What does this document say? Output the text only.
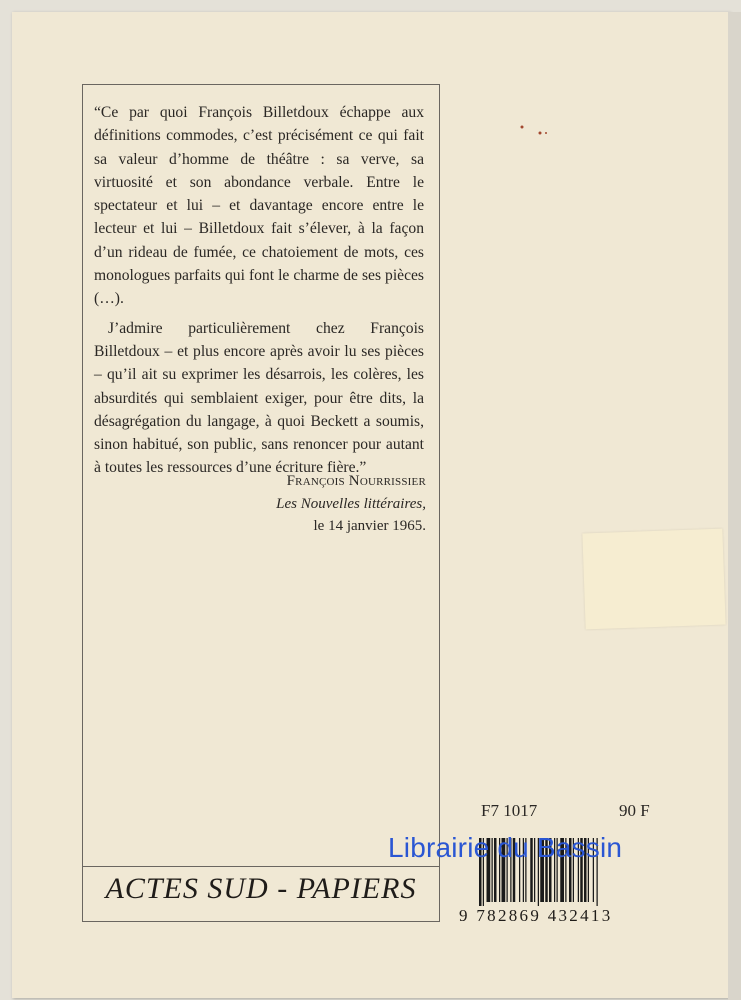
“Ce par quoi François Billetdoux échappe aux définitions commodes, c’est précisément ce qui fait sa valeur d’homme de théâtre : sa verve, sa virtuosité et son abondance verbale. Entre le spectateur et lui – et davantage encore entre le lecteur et lui – Billetdoux fait s’élever, à la façon d’un rideau de fumée, ce chatoiement de mots, ces monologues parfaits qui font le charme de ses pièces (…).

J’admire particulièrement chez François Billetdoux – et plus encore après avoir lu ses pièces – qu’il ait su exprimer les désarrois, les colères, les absurdités qui semblaient exiger, pour être dits, la désagrégation du langage, à quoi Beckett a soumis, sinon habitué, son public, sans renoncer pour autant à toutes les ressources d’une écriture fière.”

François Nourrissier
Les Nouvelles littéraires,
le 14 janvier 1965.
ACTES SUD - PAPIERS
F7 1017	90 F
9 782869 432413
Librairie du Bassin
